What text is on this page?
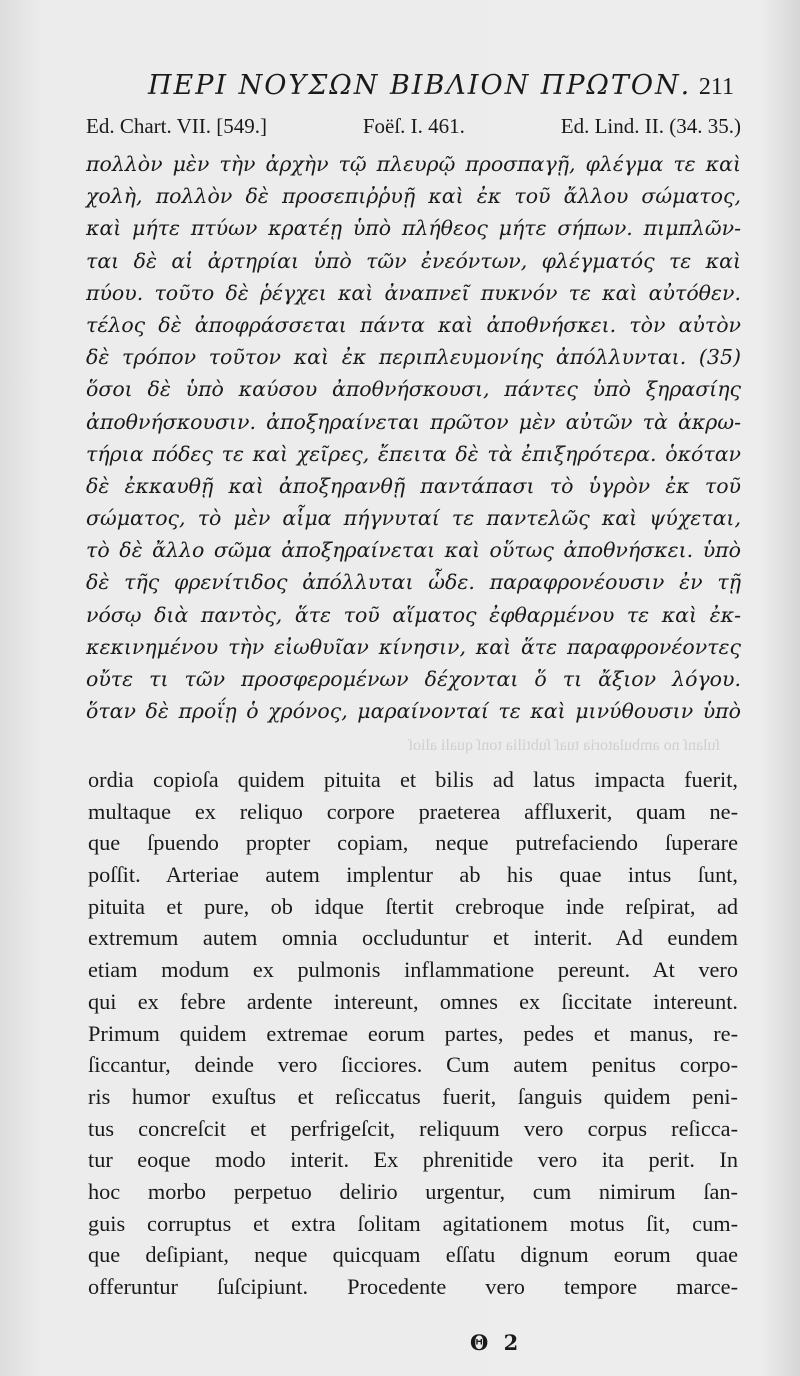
ſulanſ no ambulatoria tuaſ ſubtilia tonſ quali alioſ
ΠΕΡΙ ΝΟΥΣΩΝ ΒΙΒΛΙΟΝ ΠΡΩΤΟΝ. 211
Ed. Chart. VII. [549.]	Foëſ. I. 461.	Ed. Lind. II. (34. 35.)
πολλὸν μὲν τὴν ἀρχὴν τῷ πλευρῷ προσπαγῇ, φλέγμα τε καὶ
χολὴ, πολλὸν δὲ προσεπιῤῥυῇ καὶ ἐκ τοῦ ἄλλου σώματος,
καὶ μήτε πτύων κρατέῃ ὑπὸ πλήθεος μήτε σήπων. πιμπλῶν-
ται δὲ αἱ ἀρτηρίαι ὑπὸ τῶν ἐνεόντων, φλέγματός τε καὶ
πύου. τοῦτο δὲ ῥέγχει καὶ ἀναπνεῖ πυκνόν τε καὶ αὐτόθεν.
τέλος δὲ ἀποφράσσεται πάντα καὶ ἀποθνήσκει. τὸν αὐτὸν
δὲ τρόπον τοῦτον καὶ ἐκ περιπλευμονίης ἀπόλλυνται. (35)
ὅσοι δὲ ὑπὸ καύσου ἀποθνήσκουσι, πάντες ὑπὸ ξηρασίης
ἀποθνήσκουσιν. ἀποξηραίνεται πρῶτον μὲν αὐτῶν τὰ ἀκρω-
τήρια πόδες τε καὶ χεῖρες, ἔπειτα δὲ τὰ ἐπιξηρότερα. ὁκόταν
δὲ ἐκκαυθῇ καὶ ἀποξηρανθῇ παντάπασι τὸ ὑγρὸν ἐκ τοῦ
σώματος, τὸ μὲν αἷμα πήγνυταί τε παντελῶς καὶ ψύχεται,
τὸ δὲ ἄλλο σῶμα ἀποξηραίνεται καὶ οὕτως ἀποθνήσκει. ὑπὸ
δὲ τῆς φρενίτιδος ἀπόλλυται ὧδε. παραφρονέουσιν ἐν τῇ
νόσῳ διὰ παντὸς, ἅτε τοῦ αἵματος ἐφθαρμένου τε καὶ ἐκ-
κεκινημένου τὴν εἰωθυῖαν κίνησιν, καὶ ἅτε παραφρονέοντες
οὔτε τι τῶν προσφερομένων δέχονται ὅ τι ἄξιον λόγου.
ὅταν δὲ προΐῃ ὁ χρόνος, μαραίνονταί τε καὶ μινύθουσιν ὑπὸ
ordia copioſa quidem pituita et bilis ad latus impacta fuerit,
multaque ex reliquo corpore praeterea affluxerit, quam ne-
que ſpuendo propter copiam, neque putrefaciendo ſuperare
poſſit. Arteriae autem implentur ab his quae intus ſunt,
pituita et pure, ob idque ſtertit crebroque inde reſpirat, ad
extremum autem omnia occluduntur et interit. Ad eundem
etiam modum ex pulmonis inflammatione pereunt. At vero
qui ex febre ardente intereunt, omnes ex ſiccitate intereunt.
Primum quidem extremae eorum partes, pedes et manus, re-
ſiccantur, deinde vero ſicciores. Cum autem penitus corpo-
ris humor exuſtus et reſiccatus fuerit, ſanguis quidem peni-
tus concreſcit et perfrigeſcit, reliquum vero corpus reſicca-
tur eoque modo interit. Ex phrenitide vero ita perit. In
hoc morbo perpetuo delirio urgentur, cum nimirum ſan-
guis corruptus et extra ſolitam agitationem motus ſit, cum-
que deſipiant, neque quicquam eſſatu dignum eorum quae
offeruntur ſuſcipiunt. Procedente vero tempore marce-
Θ 2
